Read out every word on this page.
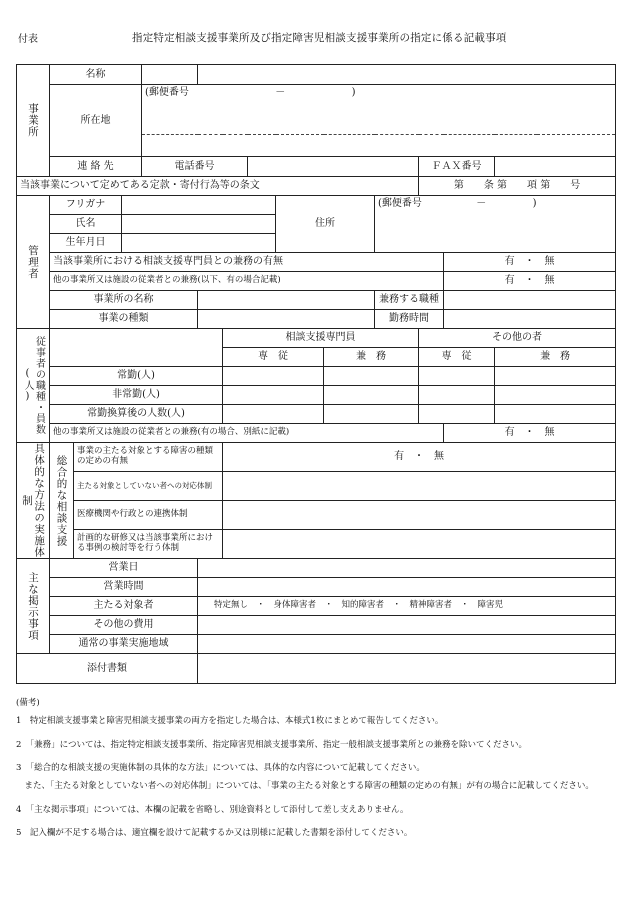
付表	指定特定相談支援事業所及び指定障害児相談支援事業所の指定に係る記載事項
事業所	名称												
	所在地			(郵便番号 － )									

	連 絡 先			電話番号							ＦＡＸ番号		
当該事業について定めてある定款・寄付行為等の条文											第　　条 第　　項 第　　号		

管理者	フリガナ							住所		(郵便番号 － )			
	氏名												
	生年月日												
	当該事業所における相談支援専門員との兼務の有無											有　・　無	
	他の事業所又は施設の従業者との兼務(以下、有の場合記載)											有　・　無	
	事業所の名称									兼務する職種			
	事業の種類									勤務時間			

従事者の職種・員数(人)						相談支援専門員					その他の者		
						専　従			兼　務		専　従		兼　務
	常勤(人)												
	非常勤(人)												
	常勤換算後の人数(人)												
	他の事業所又は施設の従業者との兼務(有の場合、別紙に記載)											有　・　無	

具体的な方法の実施体制	総合的な相談支援	事業の主たる対象とする障害の種類の定めの有無				有　・　無							
		主たる対象としていない者への対応体制											
		医療機関や行政との連携体制											
		計画的な研修又は当該事業所における事例の検討等を行う体制											

主な掲示事項	営業日												
	営業時間												
	主たる対象者				特定無し　・　身体障害者　・　知的障害者　・　精神障害者　・　障害児								
	その他の費用												
	通常の事業実施地域												
添付書類													

(備考)

1　特定相談支援事業と障害児相談支援事業の両方を指定した場合は、本様式1枚にまとめて報告してください。

2　「兼務」については、指定特定相談支援事業所、指定障害児相談支援事業所、指定一般相談支援事業所との兼務を除いてください。

3　「総合的な相談支援の実施体制の具体的な方法」については、具体的な内容について記載してください。

　また、「主たる対象としていない者への対応体制」については、「事業の主たる対象とする障害の種類の定めの有無」が有の場合に記載してください。

4　「主な掲示事項」については、本欄の記載を省略し、別途資料として添付して差し支えありません。

5　記入欄が不足する場合は、適宜欄を設けて記載するか又は別様に記載した書類を添付してください。
